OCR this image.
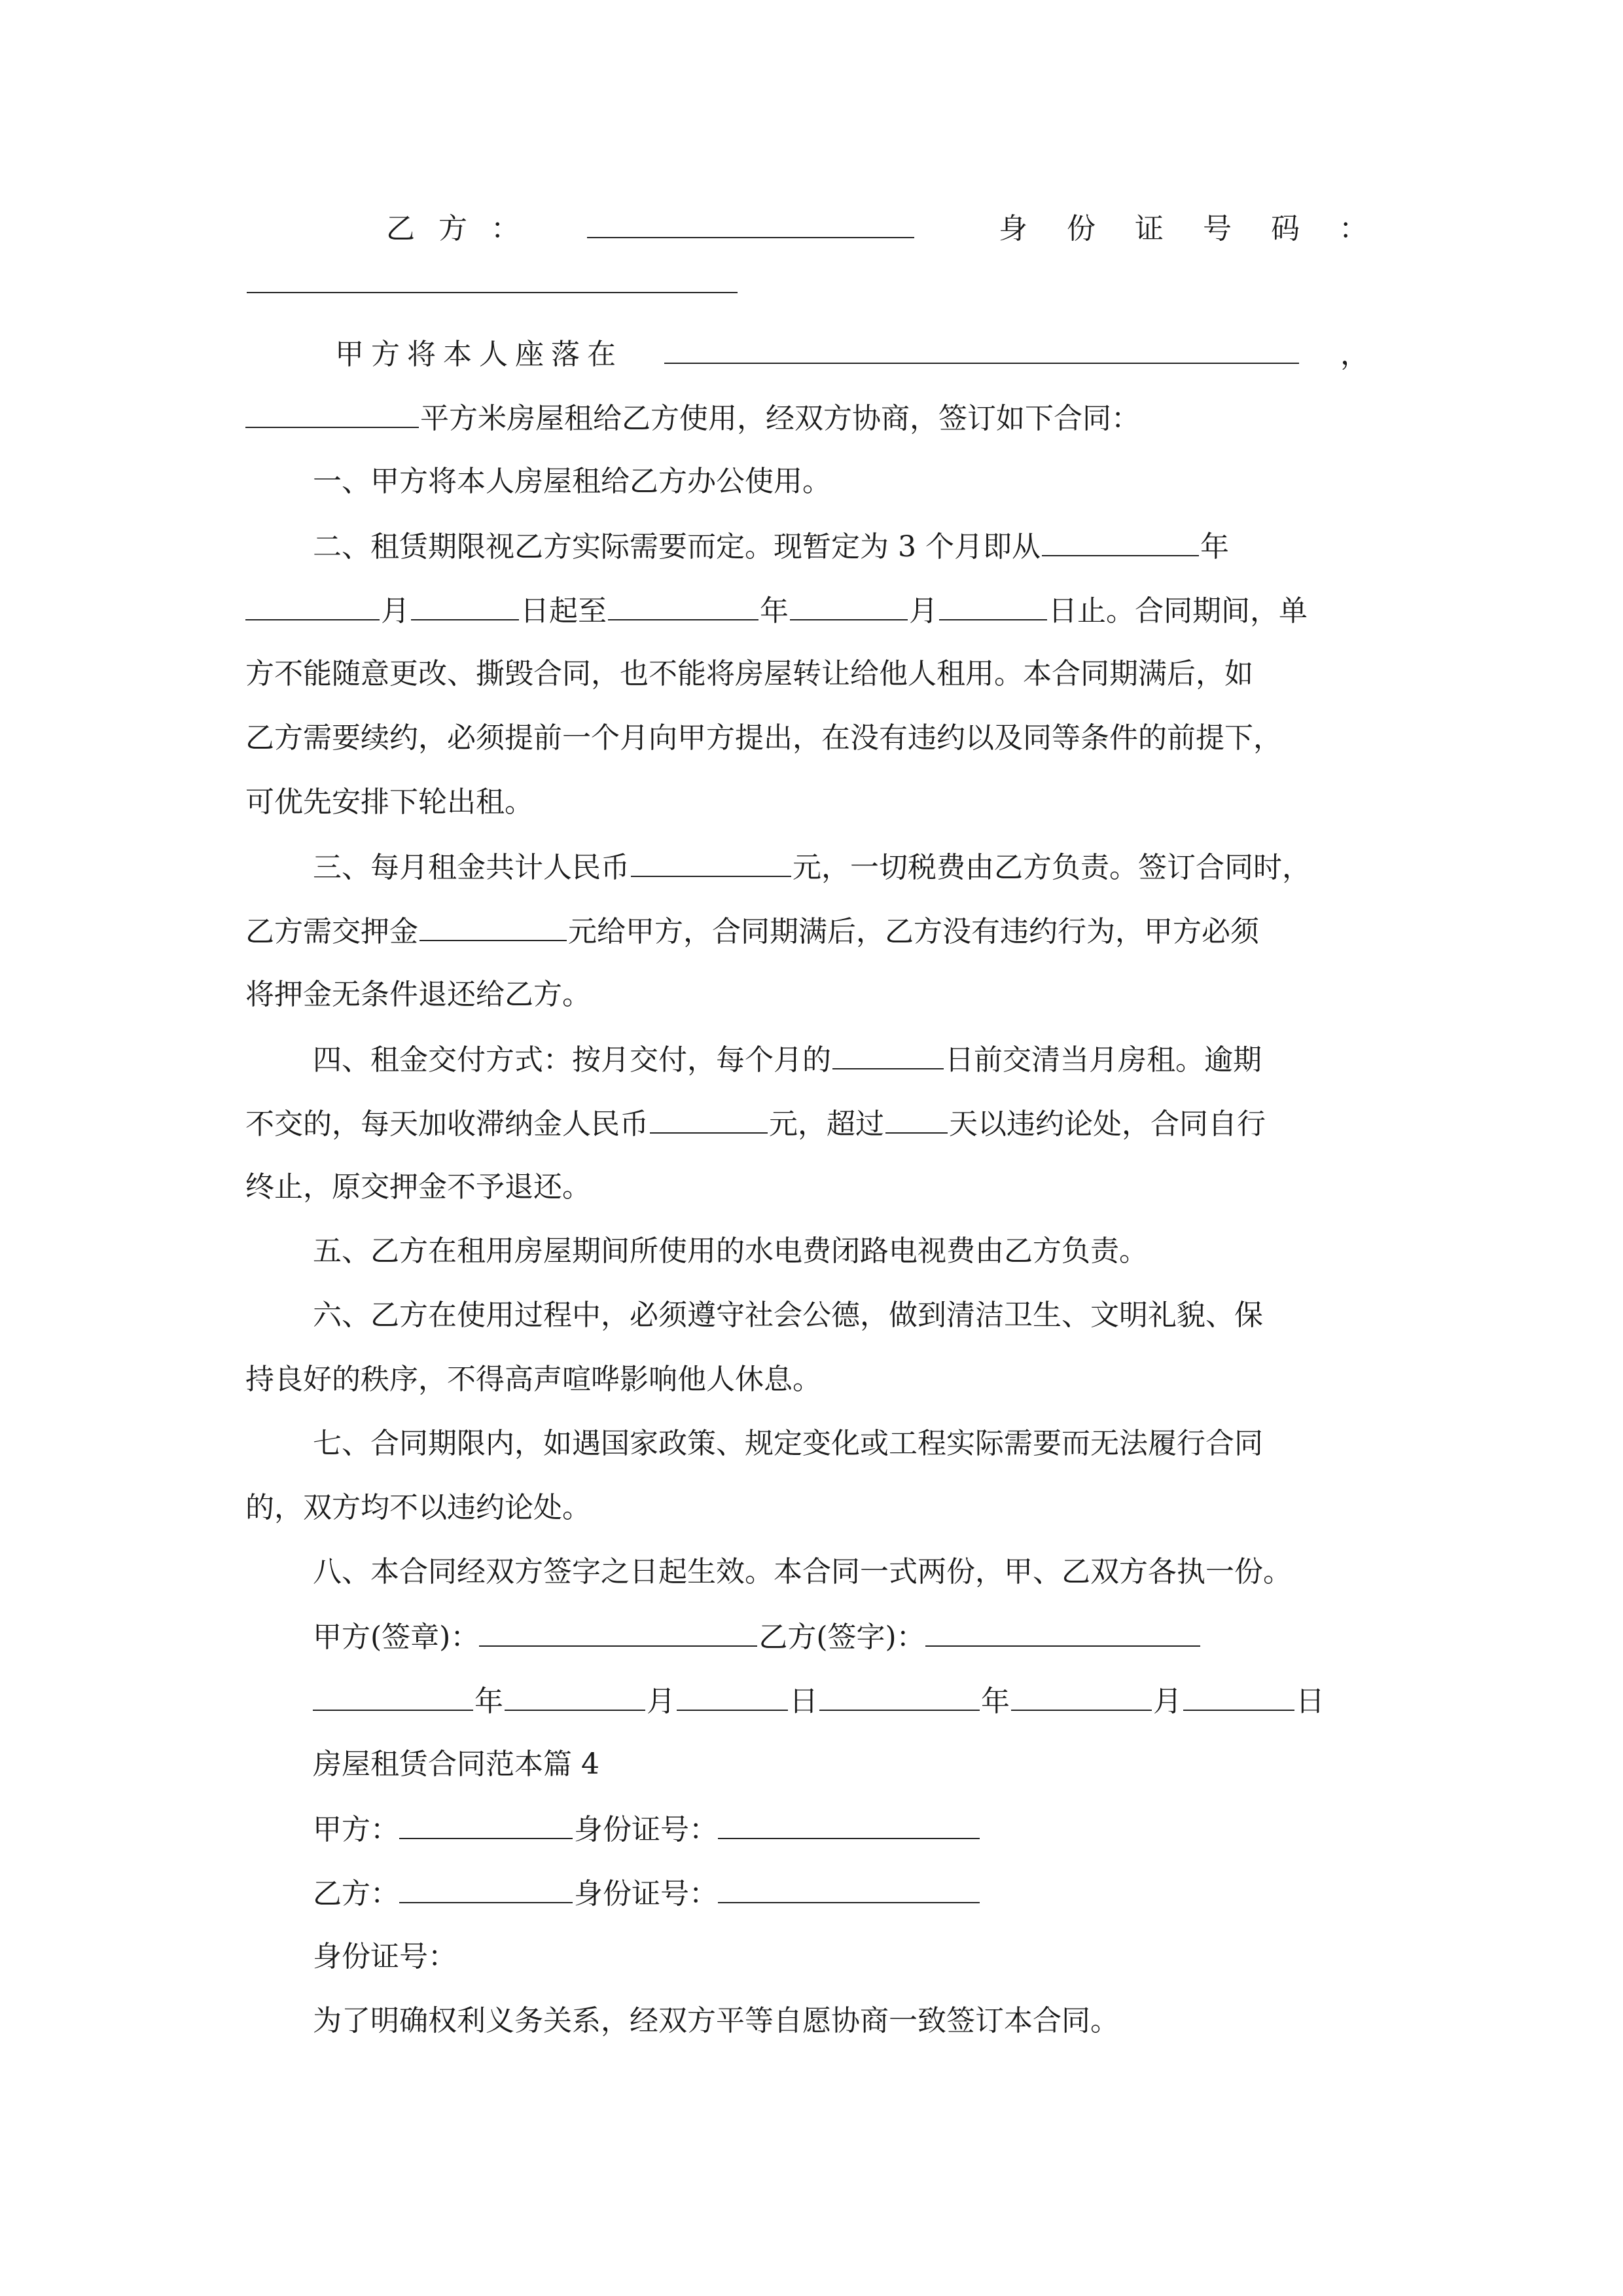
乙方：	身份证号码：
甲方将本人座落在	，
平方米房屋租给乙方使用，经双方协商，签订如下合同：
一、甲方将本人房屋租给乙方办公使用。
二、租赁期限视乙方实际需要而定。现暂定为 3 个月即从	年
月	日起至	年	月	日止。合同期间，单
方不能随意更改、撕毁合同，也不能将房屋转让给他人租用。本合同期满后，如
乙方需要续约，必须提前一个月向甲方提出，在没有违约以及同等条件的前提下，
可优先安排下轮出租。
三、每月租金共计人民币	元，一切税费由乙方负责。签订合同时，
乙方需交押金	元给甲方，合同期满后，乙方没有违约行为，甲方必须
将押金无条件退还给乙方。
四、租金交付方式：按月交付，每个月的	日前交清当月房租。逾期
不交的，每天加收滞纳金人民币	元，超过 天以违约论处，合同自行
终止，原交押金不予退还。
五、乙方在租用房屋期间所使用的水电费闭路电视费由乙方负责。
六、乙方在使用过程中，必须遵守社会公德，做到清洁卫生、文明礼貌、保
持良好的秩序，不得高声喧哗影响他人休息。
七、合同期限内，如遇国家政策、规定变化或工程实际需要而无法履行合同
的，双方均不以违约论处。
八、本合同经双方签字之日起生效。本合同一式两份，甲、乙双方各执一份。
甲方(签章)：	乙方(签字)：
年	月	日	年	月	日
房屋租赁合同范本篇 4
甲方：	身份证号：
乙方：	身份证号：
身份证号：
为了明确权利义务关系，经双方平等自愿协商一致签订本合同。
